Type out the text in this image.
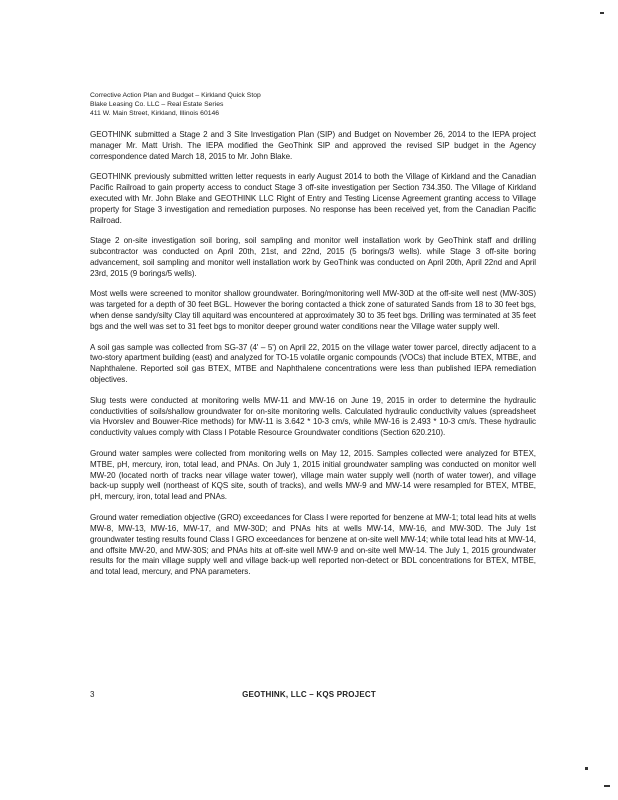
Corrective Action Plan and Budget – Kirkland Quick Stop
Blake Leasing Co. LLC – Real Estate Series
411 W. Main Street, Kirkland, Illinois 60146

GEOTHINK submitted a Stage 2 and 3 Site Investigation Plan (SIP) and Budget on November 26, 2014 to the IEPA project manager Mr. Matt Urish. The IEPA modified the GeoThink SIP and approved the revised SIP budget in the Agency correspondence dated March 18, 2015 to Mr. John Blake.

GEOTHINK previously submitted written letter requests in early August 2014 to both the Village of Kirkland and the Canadian Pacific Railroad to gain property access to conduct Stage 3 off-site investigation per Section 734.350. The Village of Kirkland executed with Mr. John Blake and GEOTHINK LLC Right of Entry and Testing License Agreement granting access to Village property for Stage 3 investigation and remediation purposes. No response has been received yet, from the Canadian Pacific Railroad.

Stage 2 on-site investigation soil boring, soil sampling and monitor well installation work by GeoThink staff and drilling subcontractor was conducted on April 20th, 21st, and 22nd, 2015 (5 borings/3 wells). while Stage 3 off-site boring advancement, soil sampling and monitor well installation work by GeoThink was conducted on April 20th, April 22nd and April 23rd, 2015 (9 borings/5 wells).

Most wells were screened to monitor shallow groundwater. Boring/monitoring well MW-30D at the off-site well nest (MW-30S) was targeted for a depth of 30 feet BGL. However the boring contacted a thick zone of saturated Sands from 18 to 30 feet bgs, when dense sandy/silty Clay till aquitard was encountered at approximately 30 to 35 feet bgs. Drilling was terminated at 35 feet bgs and the well was set to 31 feet bgs to monitor deeper ground water conditions near the Village water supply well.

A soil gas sample was collected from SG-37 (4' – 5') on April 22, 2015 on the village water tower parcel, directly adjacent to a two-story apartment building (east) and analyzed for TO-15 volatile organic compounds (VOCs) that include BTEX, MTBE, and Naphthalene. Reported soil gas BTEX, MTBE and Naphthalene concentrations were less than published IEPA remediation objectives.

Slug tests were conducted at monitoring wells MW-11 and MW-16 on June 19, 2015 in order to determine the hydraulic conductivities of soils/shallow groundwater for on-site monitoring wells. Calculated hydraulic conductivity values (spreadsheet via Hvorslev and Bouwer-Rice methods) for MW-11 is 3.642 * 10-3 cm/s, while MW-16 is 2.493 * 10-3 cm/s. These hydraulic conductivity values comply with Class I Potable Resource Groundwater conditions (Section 620.210).

Ground water samples were collected from monitoring wells on May 12, 2015. Samples collected were analyzed for BTEX, MTBE, pH, mercury, iron, total lead, and PNAs. On July 1, 2015 initial groundwater sampling was conducted on monitor well MW-20 (located north of tracks near village water tower), village main water supply well (north of water tower), and village back-up supply well (northeast of KQS site, south of tracks), and wells MW-9 and MW-14 were resampled for BTEX, MTBE, pH, mercury, iron, total lead and PNAs.

Ground water remediation objective (GRO) exceedances for Class I were reported for benzene at MW-1; total lead hits at wells MW-8, MW-13, MW-16, MW-17, and MW-30D; and PNAs hits at wells MW-14, MW-16, and MW-30D. The July 1st groundwater testing results found Class I GRO exceedances for benzene at on-site well MW-14; while total lead hits at MW-14, and offsite MW-20, and MW-30S; and PNAs hits at off-site well MW-9 and on-site well MW-14. The July 1, 2015 groundwater results for the main village supply well and village back-up well reported non-detect or BDL concentrations for BTEX, MTBE, and total lead, mercury, and PNA parameters.

3	GEOTHINK, LLC – KQS PROJECT
